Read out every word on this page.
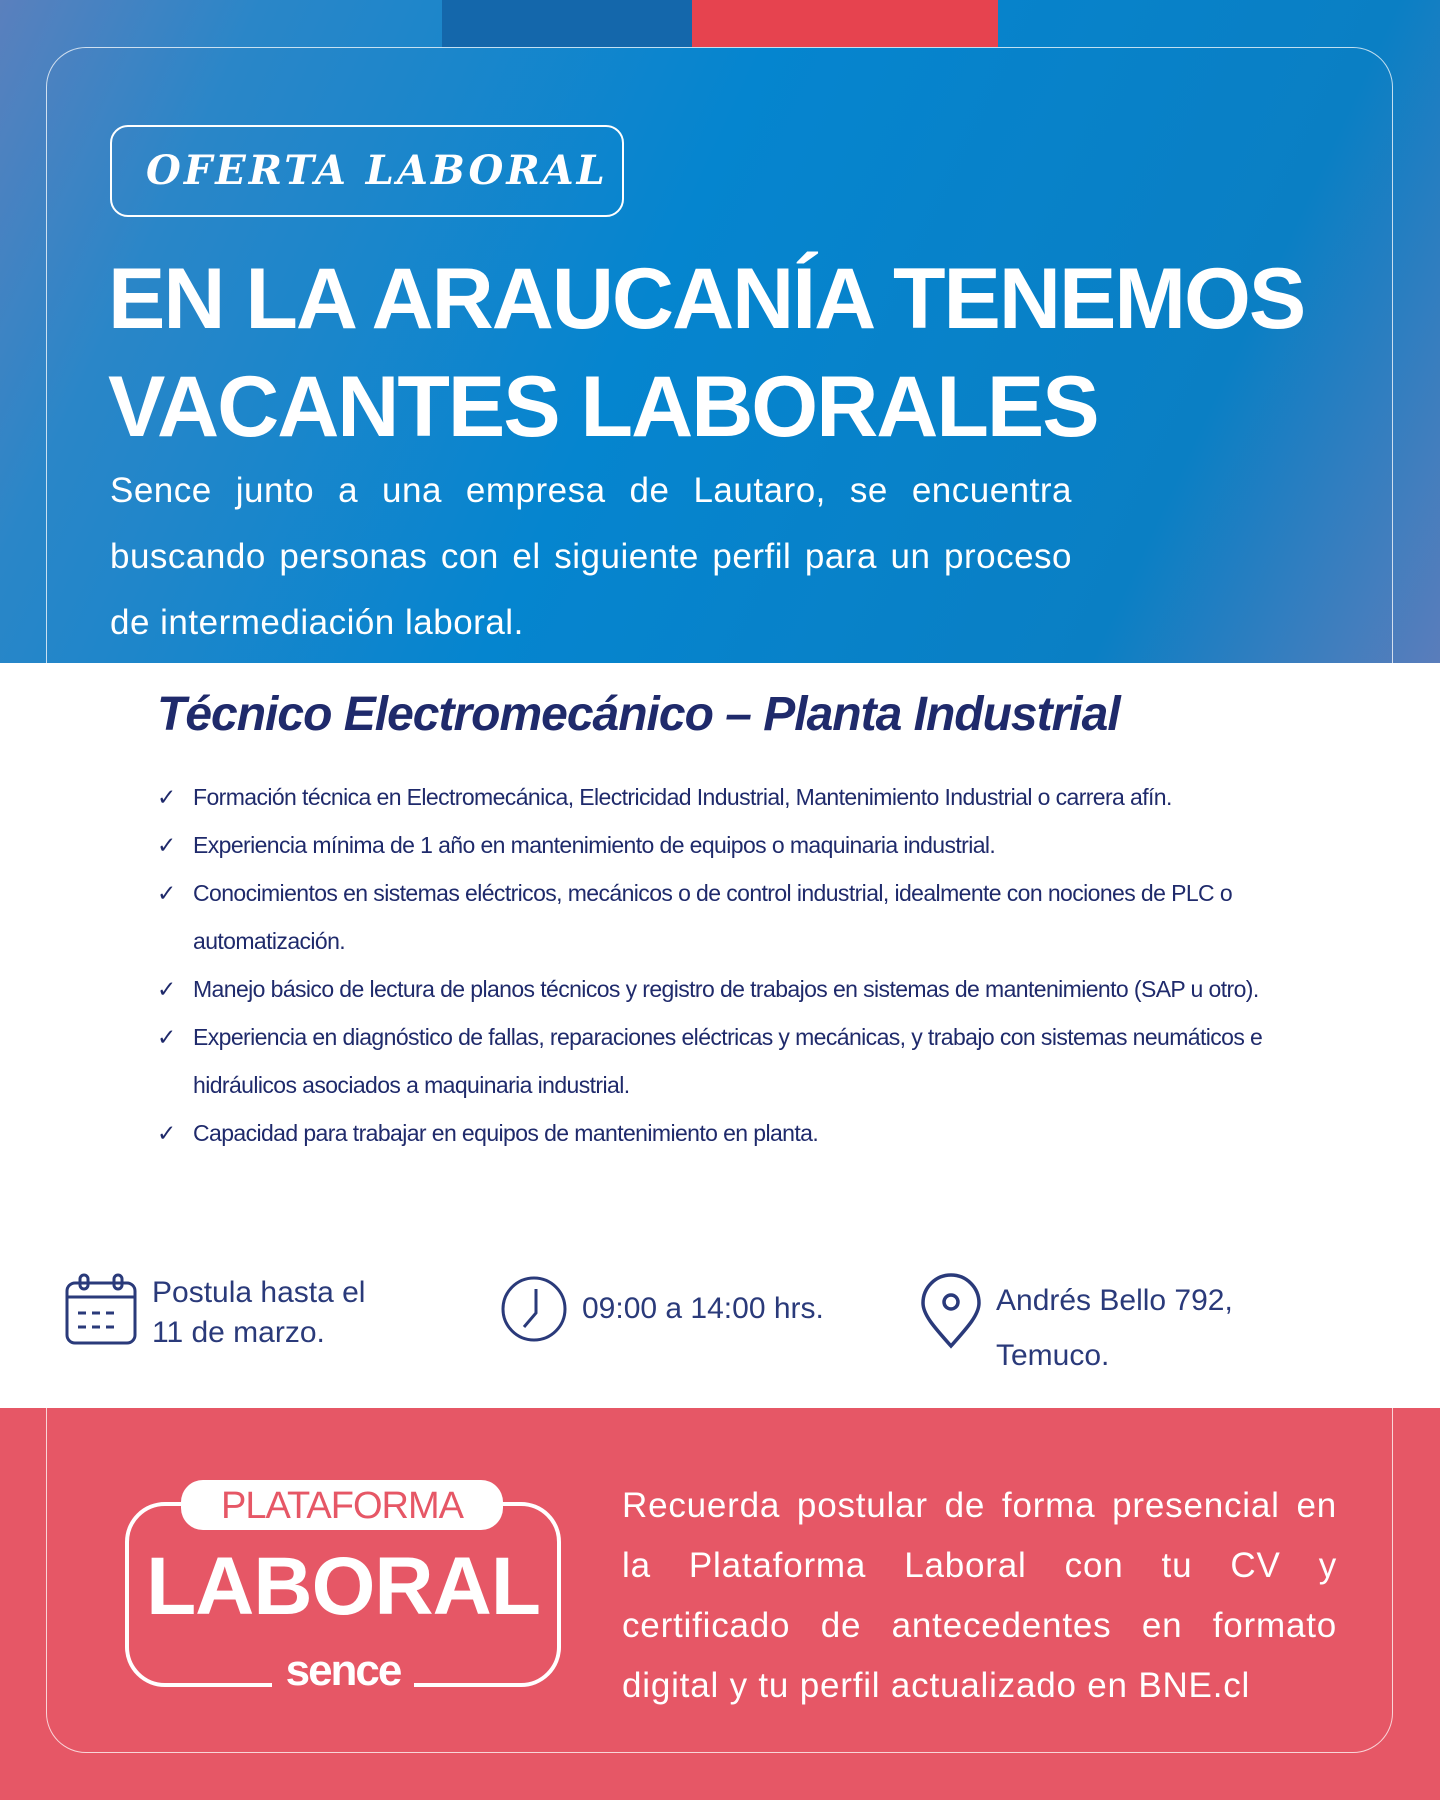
OFERTA LABORAL
EN LA ARAUCANÍA TENEMOS
VACANTES LABORALES

Sence junto a una empresa de Lautaro, se encuentra buscando personas con el siguiente perfil para un proceso de intermediación laboral.

Técnico Electromecánico – Planta Industrial
✓ Formación técnica en Electromecánica, Electricidad Industrial, Mantenimiento Industrial o carrera afín.
✓ Experiencia mínima de 1 año en mantenimiento de equipos o maquinaria industrial.
✓ Conocimientos en sistemas eléctricos, mecánicos o de control industrial, idealmente con nociones de PLC o automatización.
✓ Manejo básico de lectura de planos técnicos y registro de trabajos en sistemas de mantenimiento (SAP u otro).
✓ Experiencia en diagnóstico de fallas, reparaciones eléctricas y mecánicas, y trabajo con sistemas neumáticos e hidráulicos asociados a maquinaria industrial.
✓ Capacidad para trabajar en equipos de mantenimiento en planta.
Postula hasta el
11 de marzo.
09:00 a 14:00 hrs.	Andrés Bello 792,
Temuco.
PLATAFORMA
LABORAL
sence

Recuerda postular de forma presencial en la Plataforma Laboral con tu CV y certificado de antecedentes en formato digital y tu perfil actualizado en BNE.cl
